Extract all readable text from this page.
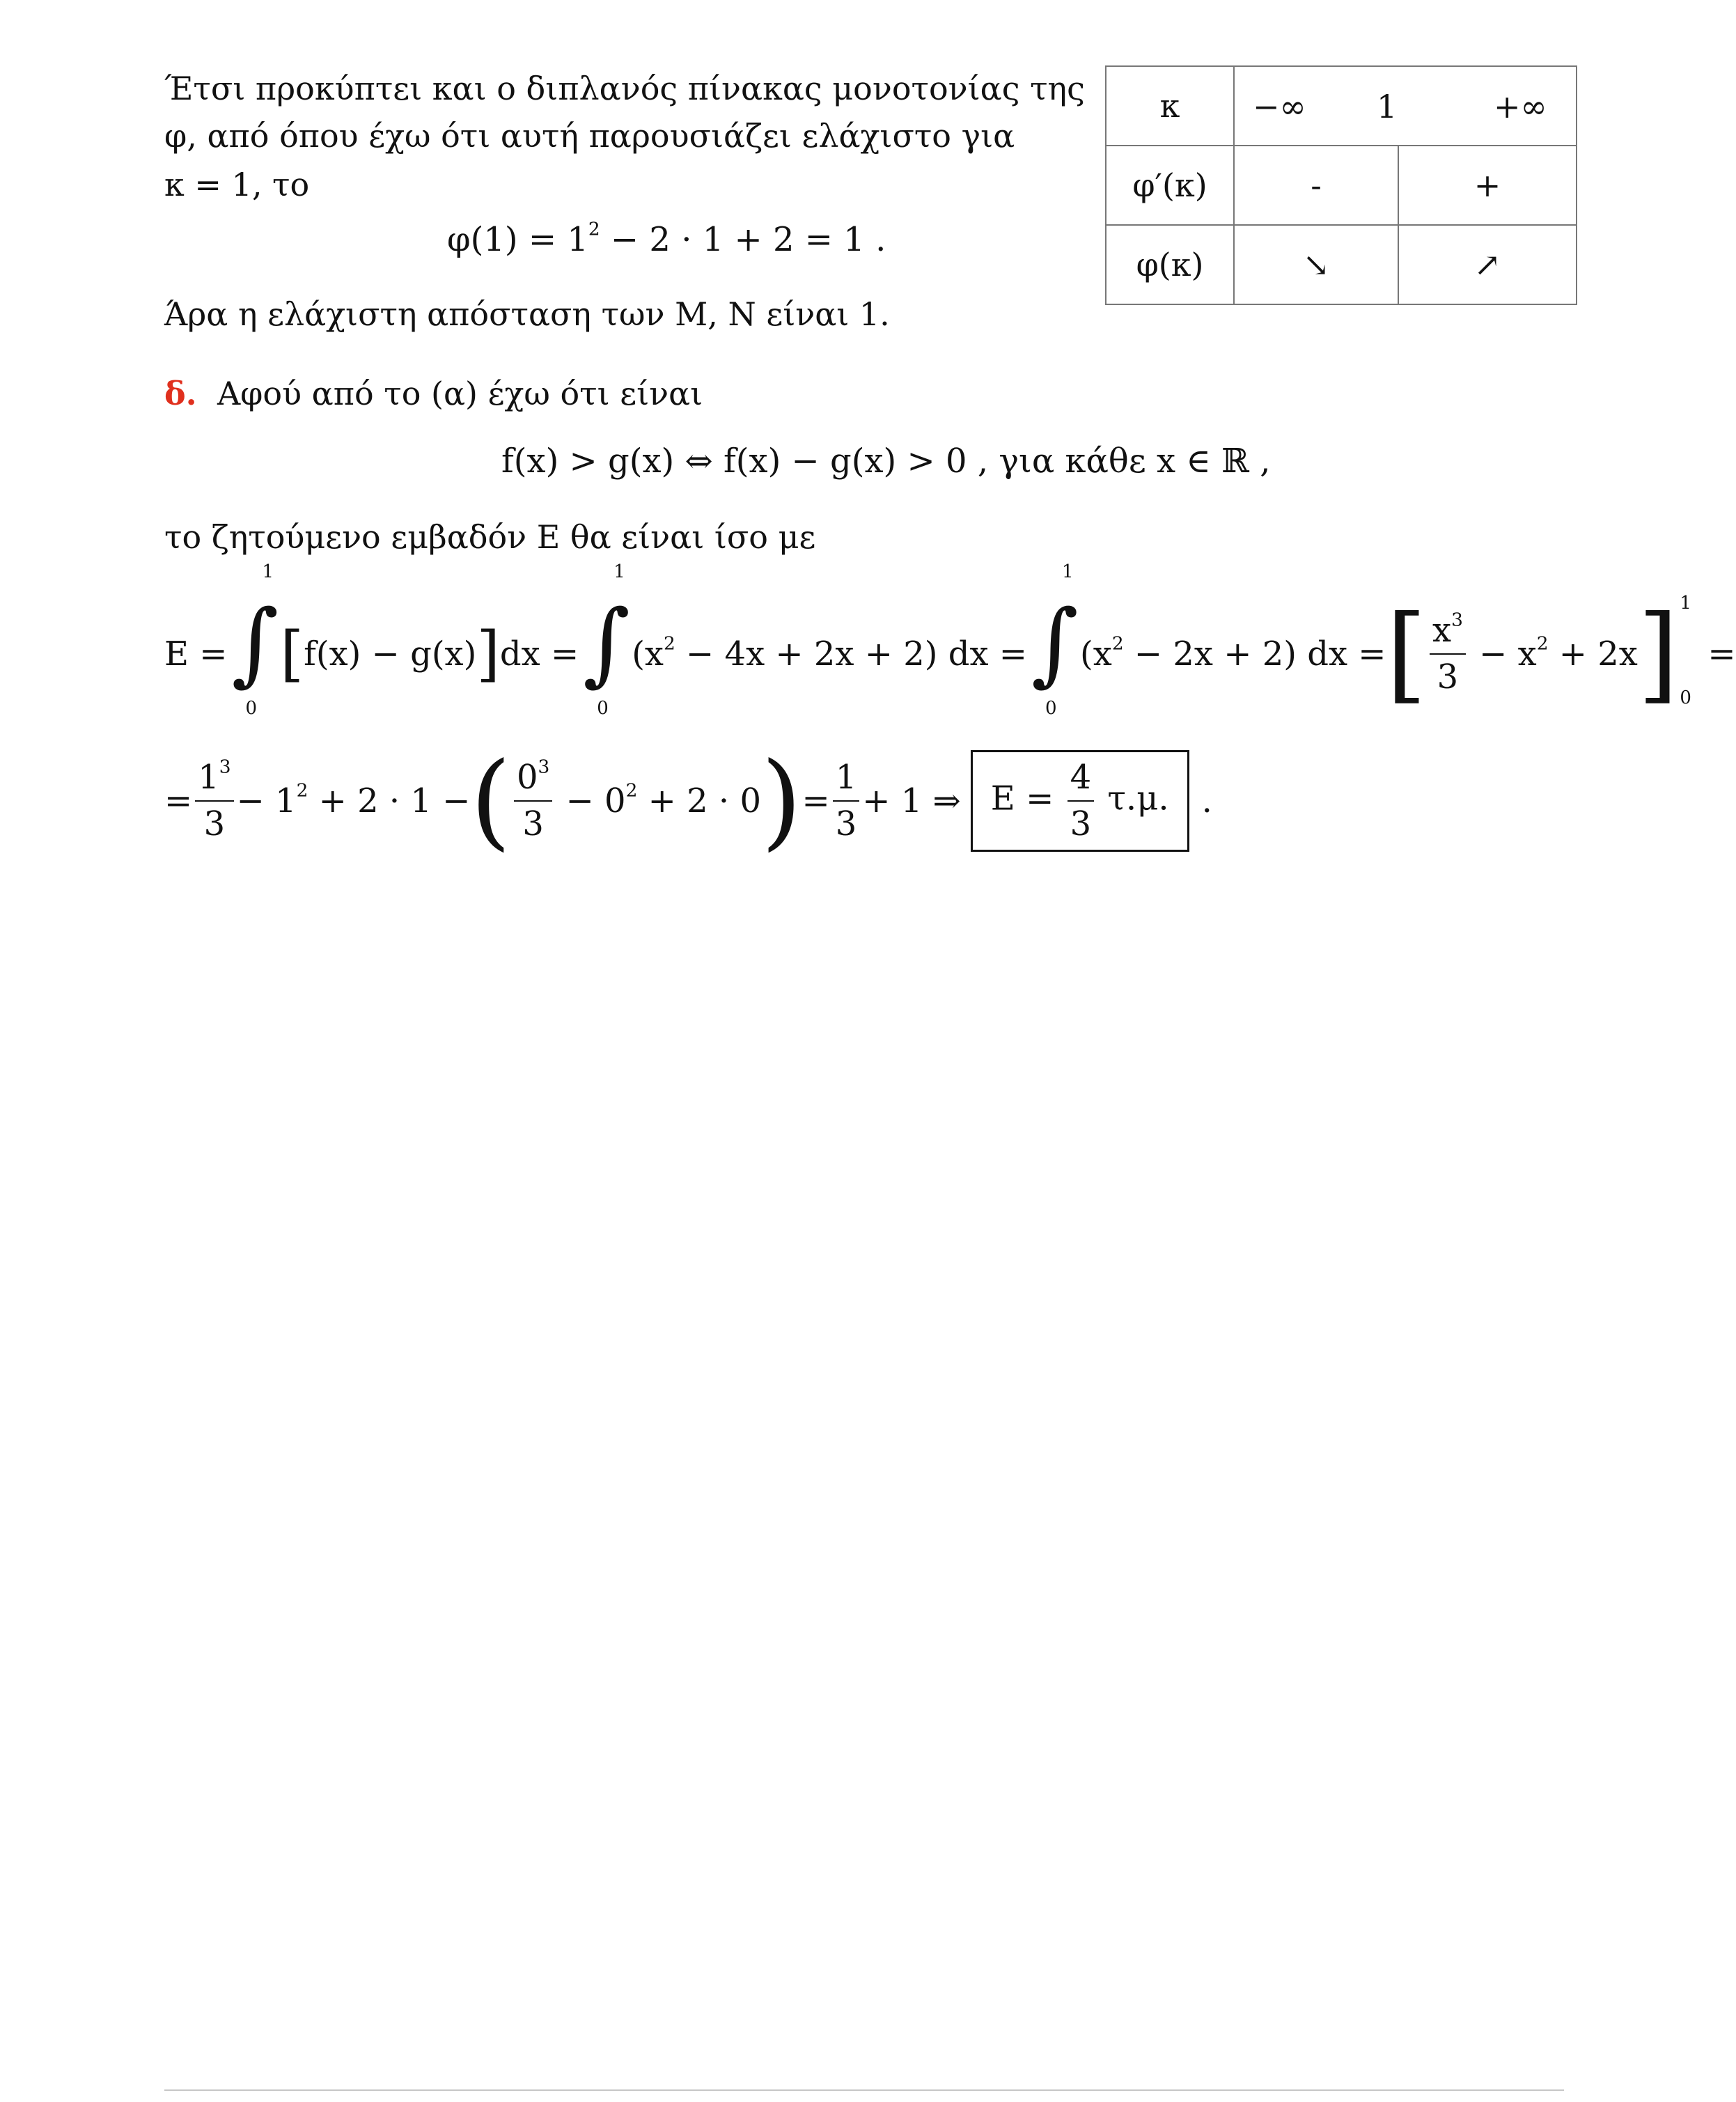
Έτσι προκύπτει και ο διπλανός πίνακας μονοτονίας της
φ, από όπου έχω ότι αυτή παρουσιάζει ελάχιστο για
κ = 1, το
$\varphi(1) = 1^2 - 2 \cdot 1 + 2 = 1$ .
Άρα η ελάχιστη απόσταση των Μ, Ν είναι 1.
κ	−∞ 1 +∞	

φ′(κ)	-	+
φ(κ)	↘	↗
δ. Αφού από το (α) έχω ότι είναι
f(x) > g(x) ⇔ f(x) − g(x) > 0 , για κάθε x ∈ ℝ ,
το ζητούμενο εμβαδόν Ε θα είναι ίσο με
Ε = ∫
1
0
[ f(x) − g(x) ] dx = ∫
1
0
$(x^2 - 4x + 2x + 2)$ dx = ∫
1
0
$(x^2 - 2x + 2)$ dx = [ $\frac{x^3}{3} - x^2 + 2x$ ] 1
0
=
= $\frac{1^3}{3} - 1^2 + 2 \cdot 1$ − ( $\frac{0^3}{3} - 0^2 + 2 \cdot 0$ ) = $\frac{1}{3} + 1$ ⇒ $E = \frac{4}{3} \tau.\mu$. .
